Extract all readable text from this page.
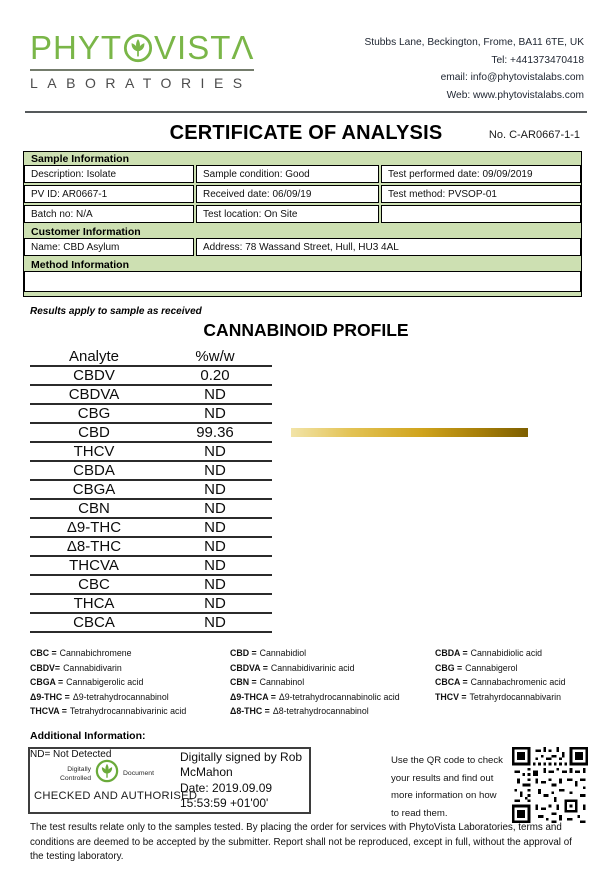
PHYT VIST Λ
LABORATORIES
Stubbs Lane, Beckington, Frome, BA11 6TE, UK
Tel: +441373470418
email: info@phytovistalabs.com
Web: www.phytovistalabs.com
CERTIFICATE OF ANALYSIS	No. C-AR0667-1-1
Sample Information
Description: Isolate	Sample condition: Good	Test performed date: 09/09/2019
PV ID: AR0667-1	Received date: 06/09/19	Test method: PVSOP-01
Batch no: N/A	Test location: On Site
Customer Information
Name: CBD Asylum	Address: 78 Wassand Street, Hull, HU3 4AL
Method Information
Results apply to sample as received
CANNABINOID PROFILE
Analyte	%w/w
CBDV	0.20
CBDVA	ND
CBG	ND
CBD	99.36

THCV	ND
CBDA	ND
CBGA	ND
CBN	ND
Δ9-THC	ND
Δ8-THC	ND
THCVA	ND
CBC	ND
THCA	ND
CBCA	ND
CBC = Cannabichromene
CBDV= Cannabidivarin
CBGA = Cannabigerolic acid
Δ9-THC = Δ9-tetrahydrocannabinol
THCVA = Tetrahydrocannabivarinic acid
CBD = Cannabidiol
CBDVA = Cannabidivarinic acid
CBN = Cannabinol
Δ9-THCA = Δ9-tetrahydrocannabinolic acid
Δ8-THC = Δ8-tetrahydrocannabinol
CBDA = Cannabidiolic acid
CBG = Cannabigerol
CBCA = Cannabachromenic acid
THCV = Tetrahyrdocannabivarin
Additional Information:
ND= Not Detected
Digitally
Controlled
Document
CHECKED AND AUTHORISED
Digitally signed by Rob McMahon
Date: 2019.09.09 15:53:59 +01'00'
Use the QR code to check your results and find out more information on how to read them.
The test results relate only to the samples tested. By placing the order for services with PhytoVista Laboratories, terms and conditions are deemed to be accepted by the submitter. Report shall not be reproduced, except in full, without the approval of the testing laboratory.
